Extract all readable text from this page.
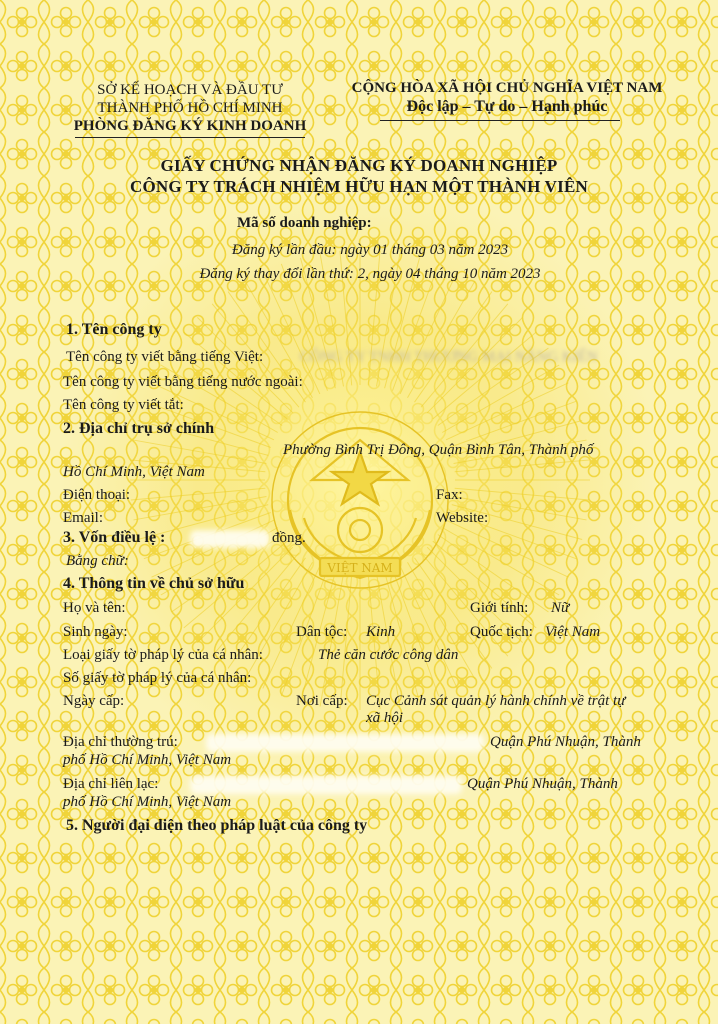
VIỆT NAM
SỞ KẾ HOẠCH VÀ ĐẦU TƯ
THÀNH PHỐ HỒ CHÍ MINH
PHÒNG ĐĂNG KÝ KINH DOANH
CỘNG HÒA XÃ HỘI CHỦ NGHĨA VIỆT NAM
Độc lập – Tự do – Hạnh phúc
GIẤY CHỨNG NHẬN ĐĂNG KÝ DOANH NGHIỆP
CÔNG TY TRÁCH NHIỆM HỮU HẠN MỘT THÀNH VIÊN
Mã số doanh nghiệp:
Đăng ký lần đầu: ngày 01 tháng 03 năm 2023
Đăng ký thay đổi lần thứ: 2, ngày 04 tháng 10 năm 2023
1. Tên công ty
Tên công ty viết bằng tiếng Việt: CÔNG TY TNHH THƯƠNG MẠI NĂNG KIẾN
Tên công ty viết bằng tiếng nước ngoài:
Tên công ty viết tắt:
2. Địa chỉ trụ sở chính
Phường Bình Trị Đông, Quận Bình Tân, Thành phố
Hồ Chí Minh, Việt Nam
Điện thoại:	Fax:
Email:	Website:
3. Vốn điều lệ :	đồng.
Bằng chữ:
4. Thông tin về chủ sở hữu
Họ và tên:	Giới tính: Nữ
Sinh ngày:	Dân tộc: Kinh	Quốc tịch: Việt Nam
Loại giấy tờ pháp lý của cá nhân:	Thẻ căn cước công dân
Số giấy tờ pháp lý của cá nhân:
Ngày cấp:	Nơi cấp: Cục Cảnh sát quản lý hành chính về trật tự
xã hội
Địa chỉ thường trú:	Quận Phú Nhuận, Thành
phố Hồ Chí Minh, Việt Nam
Địa chỉ liên lạc:	Quận Phú Nhuận, Thành
phố Hồ Chí Minh, Việt Nam
5. Người đại diện theo pháp luật của công ty
